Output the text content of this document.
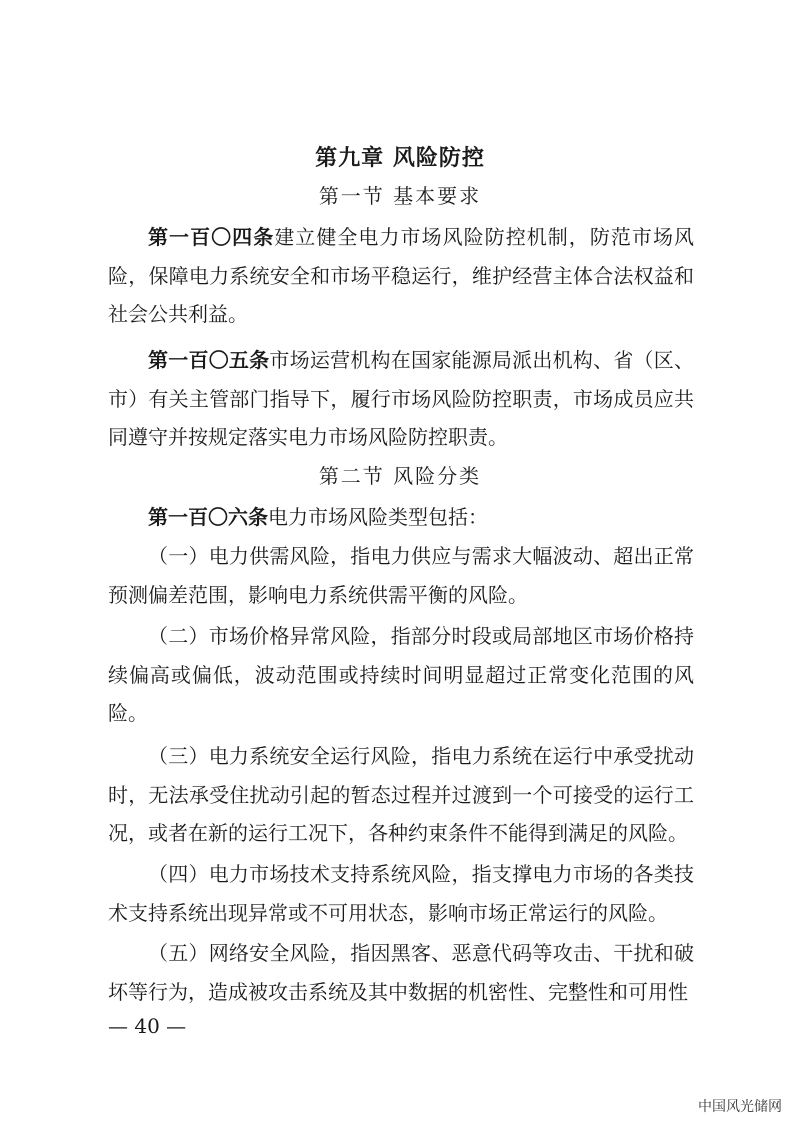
第九章 风险防控
第一节 基本要求

第一百〇四条建立健全电力市场风险防控机制，防范市场风险，保障电力系统安全和市场平稳运行，维护经营主体合法权益和社会公共利益。

第一百〇五条市场运营机构在国家能源局派出机构、省（区、市）有关主管部门指导下，履行市场风险防控职责，市场成员应共同遵守并按规定落实电力市场风险防控职责。

第二节 风险分类

第一百〇六条电力市场风险类型包括：

（一）电力供需风险，指电力供应与需求大幅波动、超出正常预测偏差范围，影响电力系统供需平衡的风险。

（二）市场价格异常风险，指部分时段或局部地区市场价格持续偏高或偏低，波动范围或持续时间明显超过正常变化范围的风险。

（三）电力系统安全运行风险，指电力系统在运行中承受扰动时，无法承受住扰动引起的暂态过程并过渡到一个可接受的运行工况，或者在新的运行工况下，各种约束条件不能得到满足的风险。

（四）电力市场技术支持系统风险，指支撑电力市场的各类技术支持系统出现异常或不可用状态，影响市场正常运行的风险。

（五）网络安全风险，指因黑客、恶意代码等攻击、干扰和破坏等行为，造成被攻击系统及其中数据的机密性、完整性和可用性

— 40 —
中国风光储网
